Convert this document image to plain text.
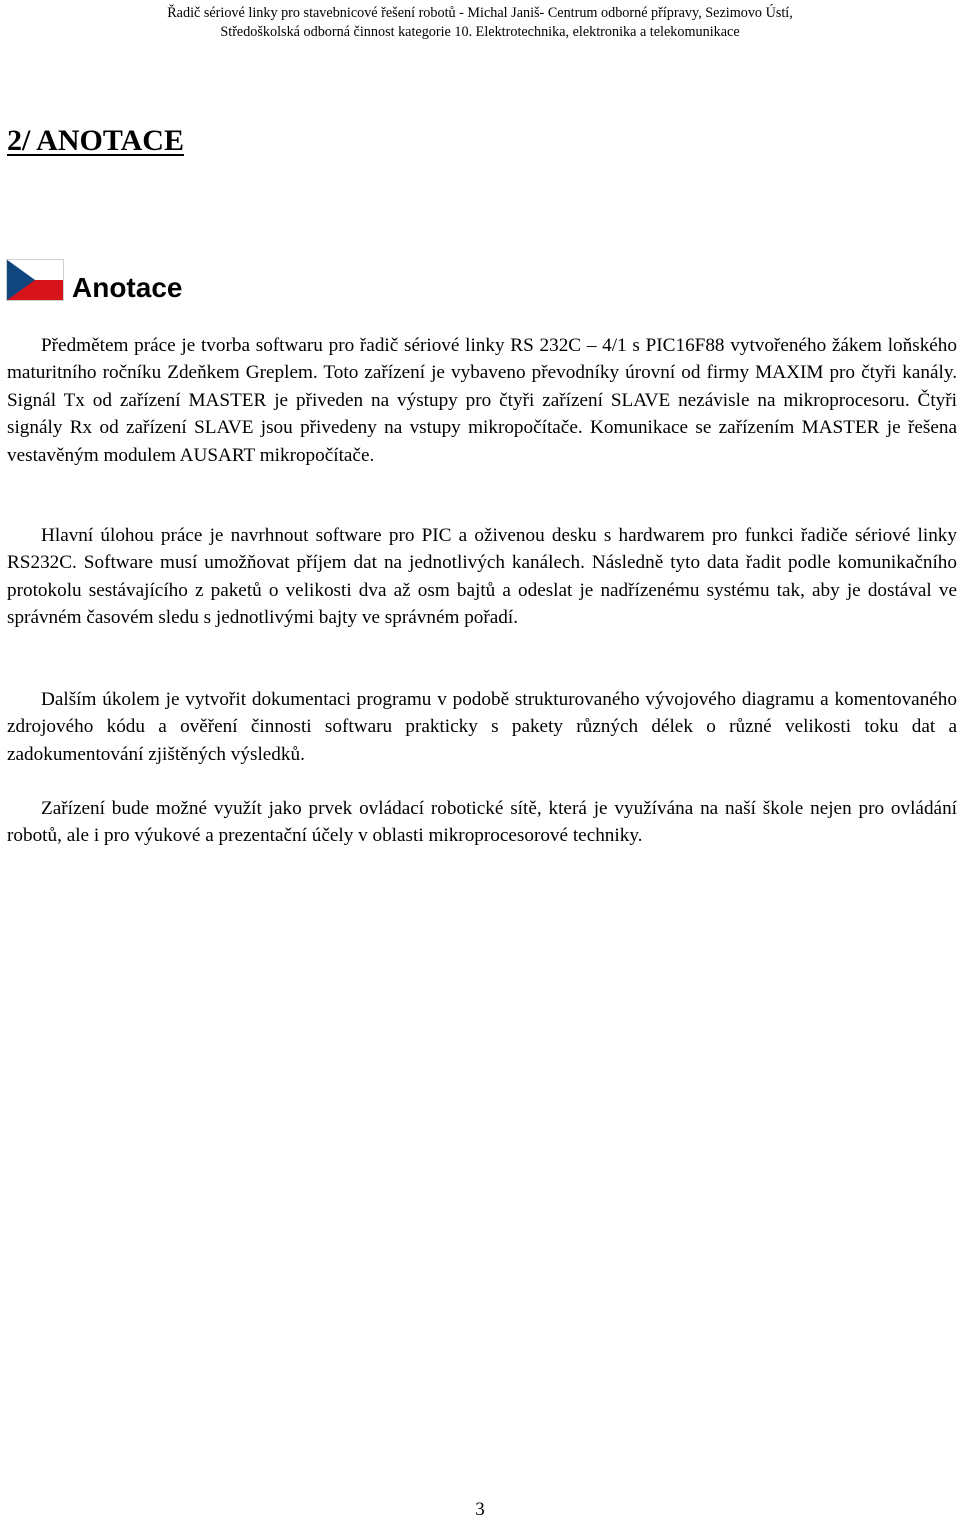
Řadič sériové linky pro stavebnicové řešení robotů - Michal Janiš- Centrum odborné přípravy, Sezimovo Ústí,
Středoškolská odborná činnost kategorie 10. Elektrotechnika, elektronika a telekomunikace
2/ ANOTACE
Anotace

Předmětem práce je tvorba softwaru pro řadič sériové linky RS 232C – 4/1 s PIC16F88 vytvořeného žákem loňského maturitního ročníku Zdeňkem Greplem. Toto zařízení je vybaveno převodníky úrovní od firmy MAXIM pro čtyři kanály. Signál Tx od zařízení MASTER je přiveden na výstupy pro čtyři zařízení SLAVE nezávisle na mikroprocesoru. Čtyři signály Rx od zařízení SLAVE jsou přivedeny na vstupy mikropočítače. Komunikace se zařízením MASTER je řešena vestavěným modulem AUSART mikropočítače.

Hlavní úlohou práce je navrhnout software pro PIC a oživenou desku s hardwarem pro funkci řadiče sériové linky RS232C. Software musí umožňovat příjem dat na jednotlivých kanálech. Následně tyto data řadit podle komunikačního protokolu sestávajícího z paketů o velikosti dva až osm bajtů a odeslat je nadřízenému systému tak, aby je dostával ve správném časovém sledu s jednotlivými bajty ve správném pořadí.

Dalším úkolem je vytvořit dokumentaci programu v podobě strukturovaného vývojového diagramu a komentovaného zdrojového kódu a ověření činnosti softwaru prakticky s pakety různých délek o různé velikosti toku dat a zadokumentování zjištěných výsledků.

Zařízení bude možné využít jako prvek ovládací robotické sítě, která je využívána na naší škole nejen pro ovládání robotů, ale i pro výukové a prezentační účely v oblasti mikroprocesorové techniky.

3
